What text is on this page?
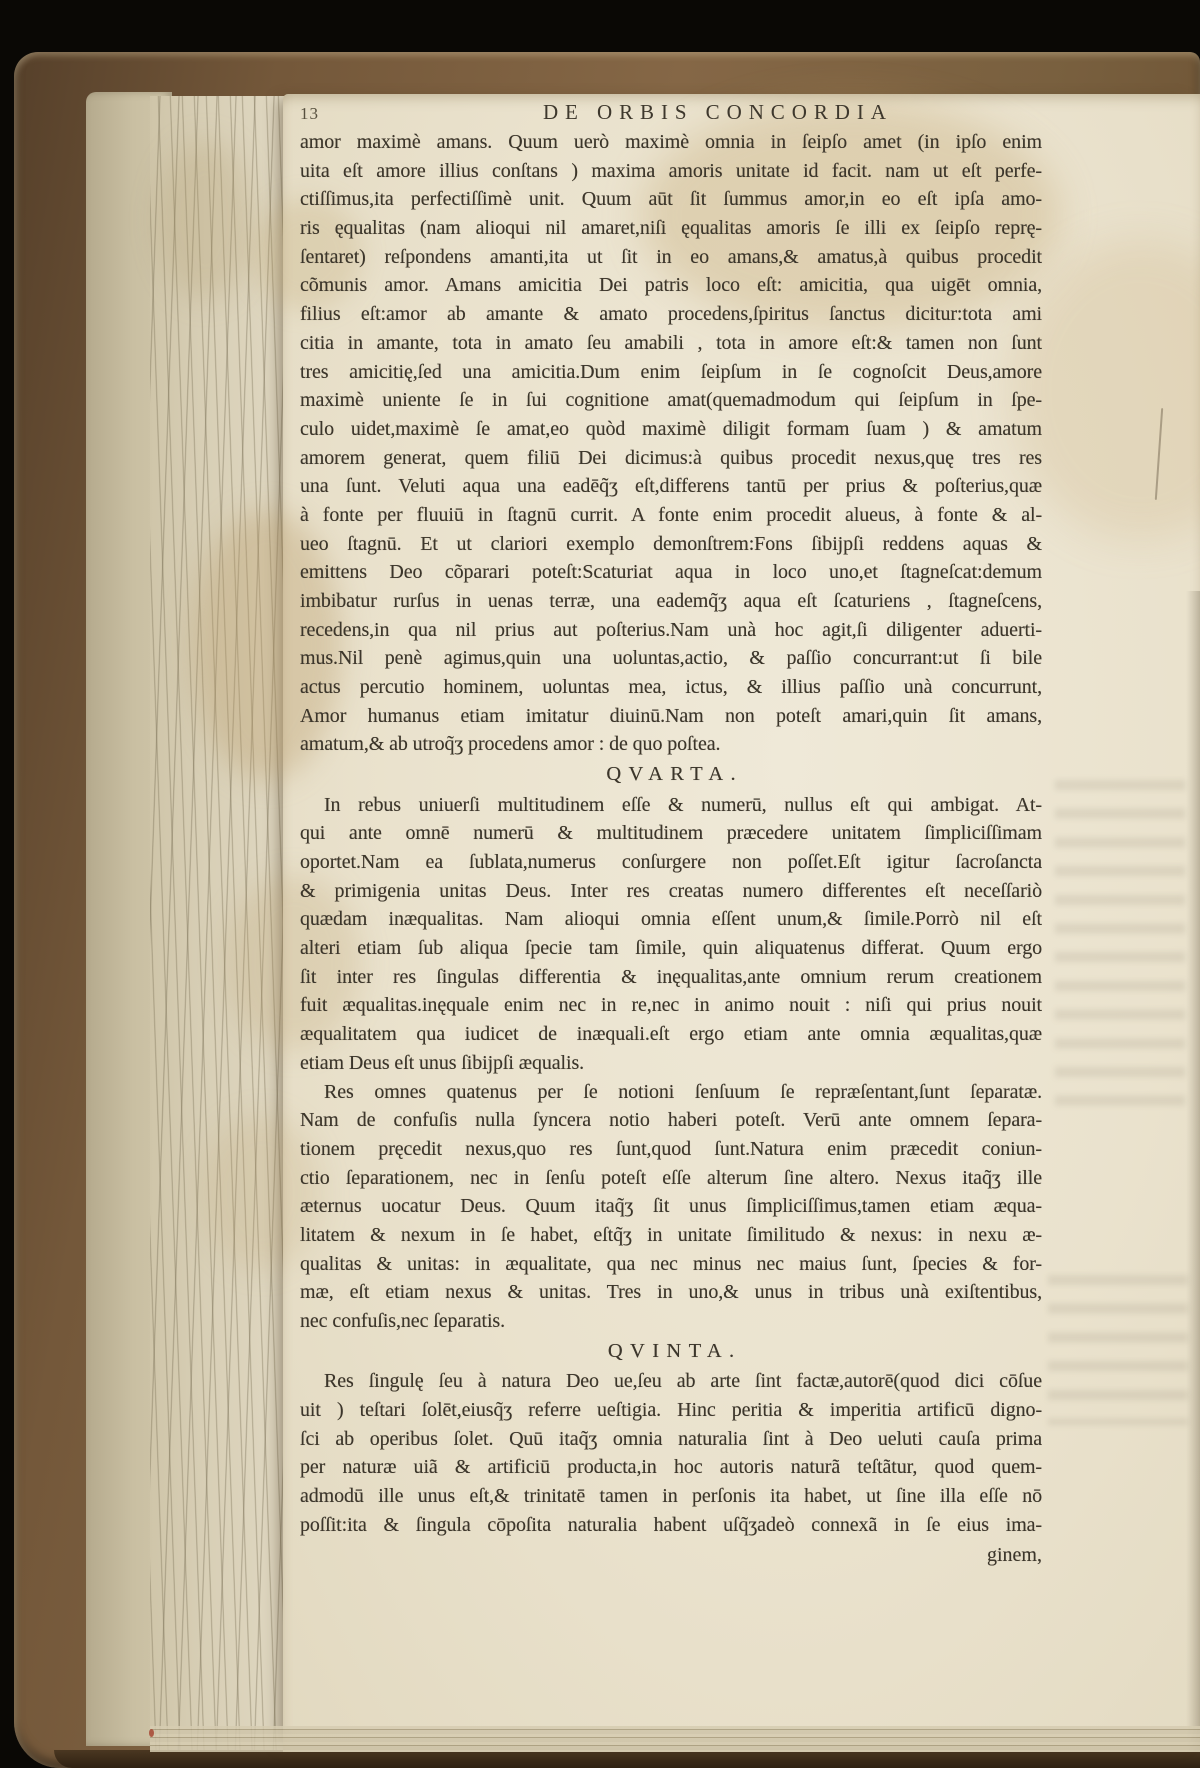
13	DE ORBIS CONCORDIA
amor maximè amans. Quum uerò maximè omnia in ſeipſo amet (in ipſo enim
uita eſt amore illius conſtans ) maxima amoris unitate id facit. nam ut eſt perfe-
ctiſſimus,ita perfectiſſimè unit. Quum aūt ſit ſummus amor,in eo eſt ipſa amo-
ris ęqualitas (nam alioqui nil amaret,niſi ęqualitas amoris ſe illi ex ſeipſo reprę-
ſentaret) reſpondens amanti,ita ut ſit in eo amans,& amatus,à quibus procedit
cõmunis amor. Amans amicitia Dei patris loco eſt: amicitia, qua uigēt omnia,
filius eſt:amor ab amante & amato procedens,ſpiritus ſanctus dicitur:tota ami
citia in amante, tota in amato ſeu amabili , tota in amore eſt:& tamen non ſunt
tres amicitię,ſed una amicitia.Dum enim ſeipſum in ſe cognoſcit Deus,amore
maximè uniente ſe in ſui cognitione amat(quemadmodum qui ſeipſum in ſpe-
culo uidet,maximè ſe amat,eo quòd maximè diligit formam ſuam ) & amatum
amorem generat, quem filiū Dei dicimus:à quibus procedit nexus,quę tres res
una ſunt. Veluti aqua una eadēq̃ʒ eſt,differens tantū per prius & poſterius,quæ
à fonte per fluuiū in ſtagnū currit. A fonte enim procedit alueus, à fonte & al-
ueo ſtagnū. Et ut clariori exemplo demonſtrem:Fons ſibijpſi reddens aquas &
emittens Deo cõparari poteſt:Scaturiat aqua in loco uno,et ſtagneſcat:demum
imbibatur rurſus in uenas terræ, una eademq̃ʒ aqua eſt ſcaturiens , ſtagneſcens,
recedens,in qua nil prius aut poſterius.Nam unà hoc agit,ſi diligenter aduerti-
mus.Nil penè agimus,quin una uoluntas,actio, & paſſio concurrant:ut ſi bile
actus percutio hominem, uoluntas mea, ictus, & illius paſſio unà concurrunt,
Amor humanus etiam imitatur diuinū.Nam non poteſt amari,quin ſit amans,
amatum,& ab utroq̃ʒ procedens amor : de quo poſtea.
QVARTA.
In rebus uniuerſi multitudinem eſſe & numerū, nullus eſt qui ambigat. At-
qui ante omnē numerū & multitudinem præcedere unitatem ſimpliciſſimam
oportet.Nam ea ſublata,numerus conſurgere non poſſet.Eſt igitur ſacroſancta
& primigenia unitas Deus. Inter res creatas numero differentes eſt neceſſariò
quædam inæqualitas. Nam alioqui omnia eſſent unum,& ſimile.Porrò nil eſt
alteri etiam ſub aliqua ſpecie tam ſimile, quin aliquatenus differat. Quum ergo
ſit inter res ſingulas differentia & inęqualitas,ante omnium rerum creationem
fuit æqualitas.inęquale enim nec in re,nec in animo nouit : niſi qui prius nouit
æqualitatem qua iudicet de inæquali.eſt ergo etiam ante omnia æqualitas,quæ
etiam Deus eſt unus ſibijpſi æqualis.
Res omnes quatenus per ſe notioni ſenſuum ſe repræſentant,ſunt ſeparatæ.
Nam de confuſis nulla ſyncera notio haberi poteſt. Verū ante omnem ſepara-
tionem pręcedit nexus,quo res ſunt,quod ſunt.Natura enim præcedit coniun-
ctio ſeparationem, nec in ſenſu poteſt eſſe alterum ſine altero. Nexus itaq̃ʒ ille
æternus uocatur Deus. Quum itaq̃ʒ ſit unus ſimpliciſſimus,tamen etiam æqua-
litatem & nexum in ſe habet, eſtq̃ʒ in unitate ſimilitudo & nexus: in nexu æ-
qualitas & unitas: in æqualitate, qua nec minus nec maius ſunt, ſpecies & for-
mæ, eſt etiam nexus & unitas. Tres in uno,& unus in tribus unà exiſtentibus,
nec confuſis,nec ſeparatis.
QVINTA.
Res ſingulę ſeu à natura Deo ue,ſeu ab arte ſint factæ,autorē(quod dici cōſue
uit ) teſtari ſolēt,eiusq̃ʒ referre ueſtigia. Hinc peritia & imperitia artificū digno-
ſci ab operibus ſolet. Quū itaq̃ʒ omnia naturalia ſint à Deo ueluti cauſa prima
per naturæ uiã & artificiū producta,in hoc autoris naturã teſtãtur, quod quem-
admodū ille unus eſt,& trinitatē tamen in perſonis ita habet, ut ſine illa eſſe nō
poſſit:ita & ſingula cōpoſita naturalia habent uſq̃ʒadeò connexã in ſe eius ima-
ginem,
